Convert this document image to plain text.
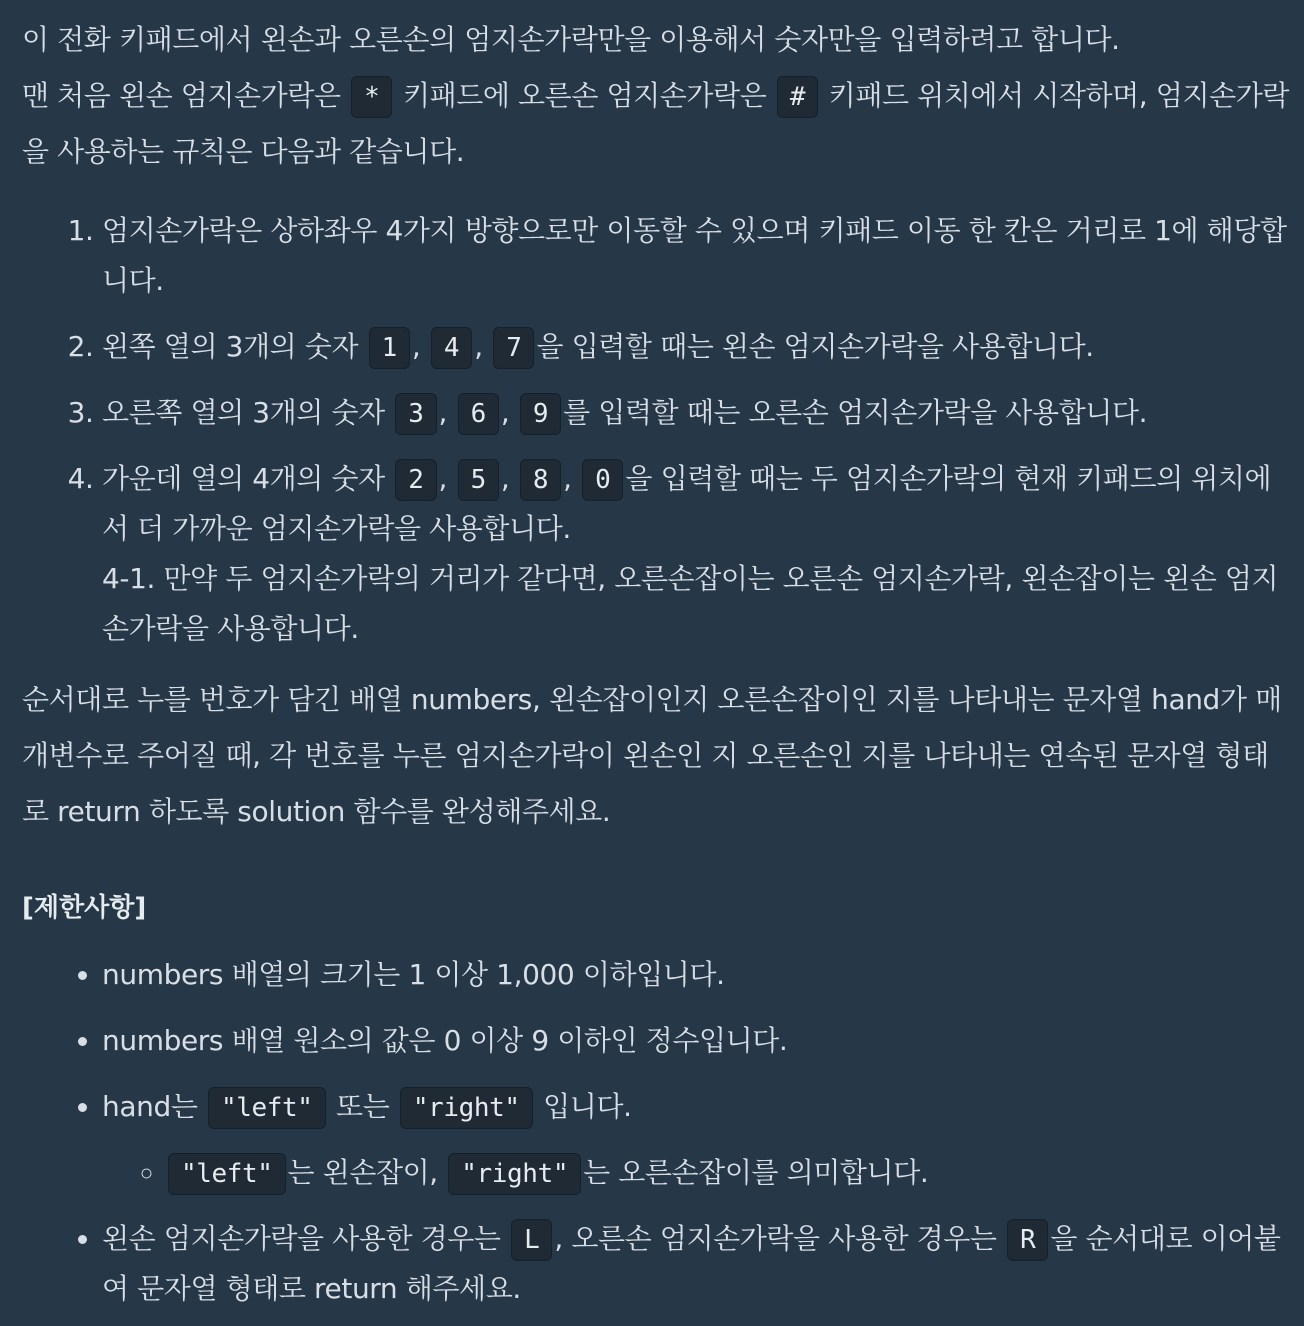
이 전화 키패드에서 왼손과 오른손의 엄지손가락만을 이용해서 숫자만을 입력하려고 합니다.
맨 처음 왼손 엄지손가락은 * 키패드에 오른손 엄지손가락은 # 키패드 위치에서 시작하며, 엄지손가락을 사용하는 규칙은 다음과 같습니다.

1. 엄지손가락은 상하좌우 4가지 방향으로만 이동할 수 있으며 키패드 이동 한 칸은 거리로 1에 해당합니다.
2. 왼쪽 열의 3개의 숫자 1 , 4 , 7 을 입력할 때는 왼손 엄지손가락을 사용합니다.
3. 오른쪽 열의 3개의 숫자 3 , 6 , 9 를 입력할 때는 오른손 엄지손가락을 사용합니다.
4. 가운데 열의 4개의 숫자 2 , 5 , 8 , 0 을 입력할 때는 두 엄지손가락의 현재 키패드의 위치에서 더 가까운 엄지손가락을 사용합니다.
4-1. 만약 두 엄지손가락의 거리가 같다면, 오른손잡이는 오른손 엄지손가락, 왼손잡이는 왼손 엄지손가락을 사용합니다.

순서대로 누를 번호가 담긴 배열 numbers, 왼손잡이인지 오른손잡이인 지를 나타내는 문자열 hand가 매개변수로 주어질 때, 각 번호를 누른 엄지손가락이 왼손인 지 오른손인 지를 나타내는 연속된 문자열 형태로 return 하도록 solution 함수를 완성해주세요.

[제한사항]
• numbers 배열의 크기는 1 이상 1,000 이하입니다.
• numbers 배열 원소의 값은 0 이상 9 이하인 정수입니다.
• hand는 "left" 또는 "right" 입니다.
◦ "left" 는 왼손잡이, "right" 는 오른손잡이를 의미합니다.
• 왼손 엄지손가락을 사용한 경우는 L , 오른손 엄지손가락을 사용한 경우는 R 을 순서대로 이어붙여 문자열 형태로 return 해주세요.
